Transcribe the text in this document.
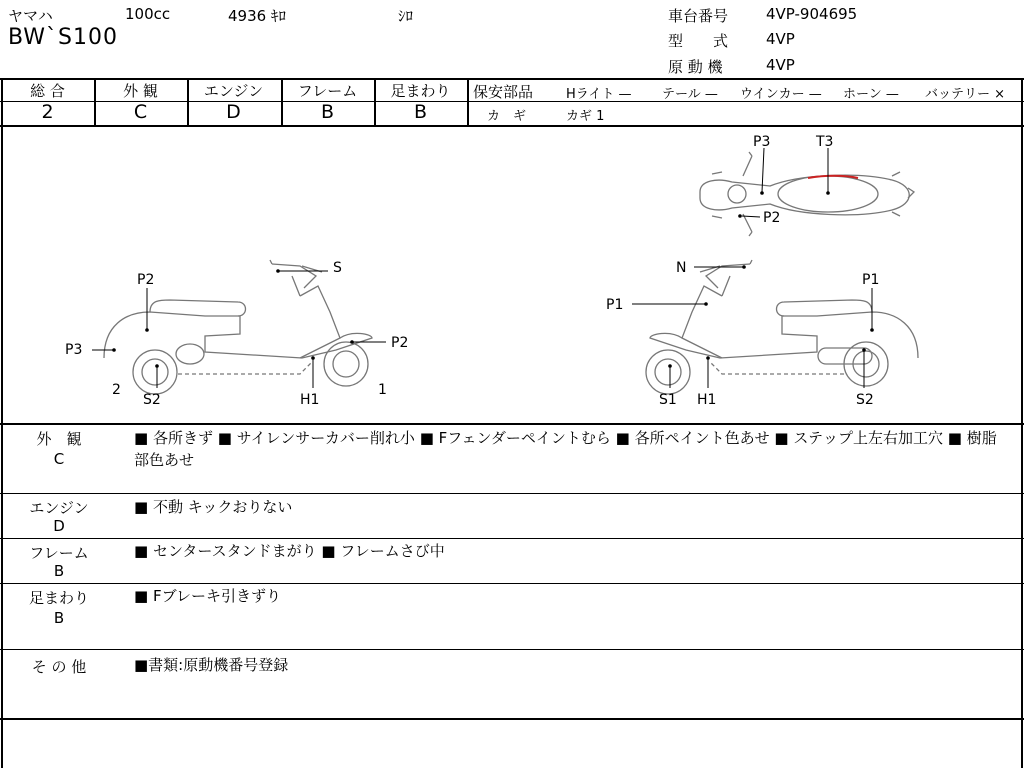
ヤマハ	100cc	4936 ｷﾛ	ｼﾛ
BW`S100
車台番号	4VP-904695
型　　式	4VP
原 動 機	4VP
総 合
2
外 観
C
エンジン
D
フレーム
B
足まわり
B
保安部品	Hライト — テール — ウインカー — ホーン — バッテリー ×
カ　ギ	カギ 1
P3	T3
P2
P2
S
P3	P2
2
S2	H1
1
N
P1
P1
S1 H1	S2
外　観
C
■ 各所きず ■ サイレンサーカバー削れ小 ■ Fフェンダーペイントむら ■ 各所ペイント色あせ ■ ステップ上左右加工穴 ■ 樹脂部色あせ
エンジン
D
■ 不動 キックおりない
フレーム
B
■ センタースタンドまがり ■ フレームさび中
足まわり
B
■ Fブレーキ引きずり
そ の 他	■書類:原動機番号登録
